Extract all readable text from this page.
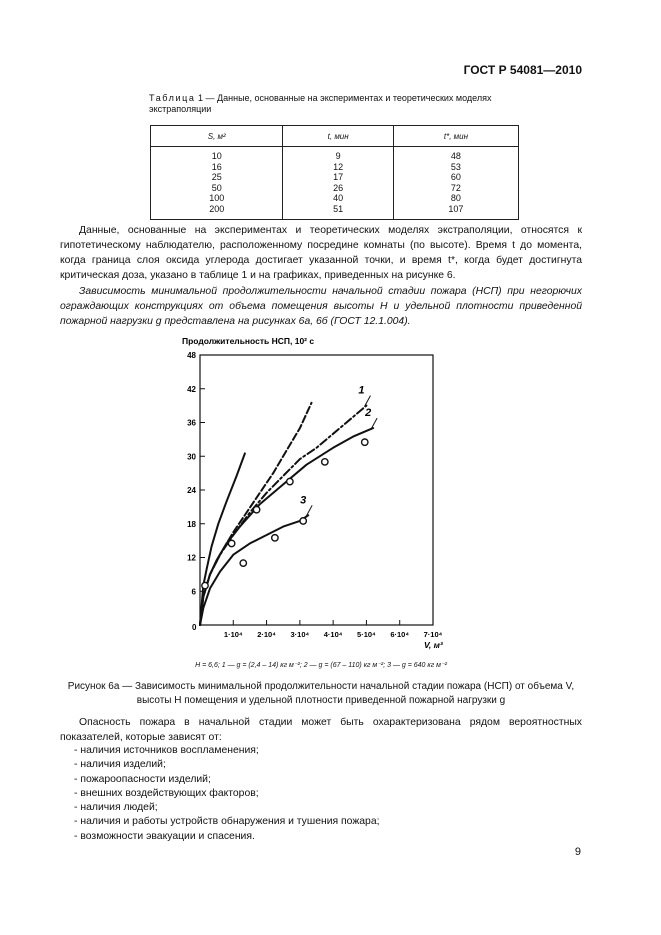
ГОСТ Р 54081—2010
Таблица 1 — Данные, основанные на экспериментах и теоретических моделях экстраполяции
S, м²	t, мин	t*, мин
10	9	48
16	12	53
25	17	60
50	26	72
100	40	80
200	51	107
Данные, основанные на экспериментах и теоретических моделях экстраполяции, относятся к гипотетическому наблюдателю, расположенному посредине комнаты (по высоте). Время t до момента, когда граница слоя оксида углерода достигает указанной точки, и время t*, когда будет достигнута критическая доза, указано в таблице 1 и на графиках, приведенных на рисунке 6.
Зависимость минимальной продолжительности начальной стадии пожара (НСП) при негорючих ограждающих конструкциях от объема помещения высоты H и удельной плотности приведенной пожарной нагрузки g представлена на рисунках 6а, 6б (ГОСТ 12.1.004).
Продолжительность НСП, 10² с
6
12
18
24
30
36
42
48
1·10⁴ 2·10⁴ 3·10⁴ 4·10⁴ 5·10⁴ 6·10⁴ 7·10⁴
1
2
3
0
V, м³
H = 6,6; 1 — g = (2,4 – 14) кг м⁻²; 2 — g = (67 – 110) кг м⁻²; 3 — g = 640 кг м⁻²
Рисунок 6а — Зависимость минимальной продолжительности начальной стадии пожара (НСП) от объема V,
высоты H помещения и удельной плотности приведенной пожарной нагрузки g
Опасность пожара в начальной стадии может быть охарактеризована рядом вероятностных показателей, которые зависят от:
- наличия источников воспламенения;
- наличия изделий;
- пожароопасности изделий;
- внешних воздействующих факторов;
- наличия людей;
- наличия и работы устройств обнаружения и тушения пожара;
- возможности эвакуации и спасения.
9
